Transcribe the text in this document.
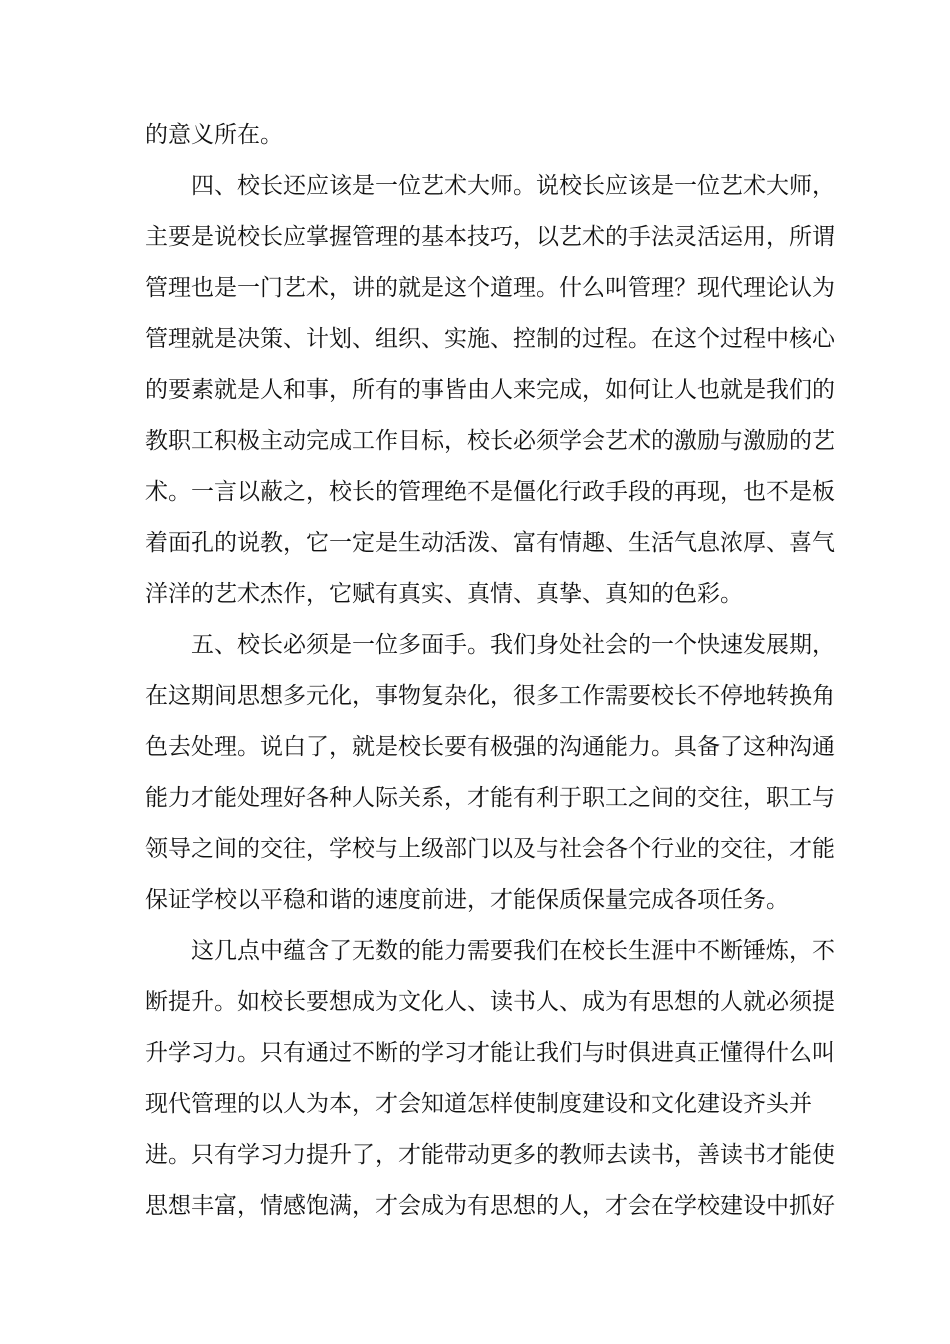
的意义所在。
四、校长还应该是一位艺术大师。说校长应该是一位艺术大师，
主要是说校长应掌握管理的基本技巧，以艺术的手法灵活运用，所谓
管理也是一门艺术，讲的就是这个道理。什么叫管理？现代理论认为
管理就是决策、计划、组织、实施、控制的过程。在这个过程中核心
的要素就是人和事，所有的事皆由人来完成，如何让人也就是我们的
教职工积极主动完成工作目标，校长必须学会艺术的激励与激励的艺
术。一言以蔽之，校长的管理绝不是僵化行政手段的再现，也不是板
着面孔的说教，它一定是生动活泼、富有情趣、生活气息浓厚、喜气
洋洋的艺术杰作，它赋有真实、真情、真挚、真知的色彩。
五、校长必须是一位多面手。我们身处社会的一个快速发展期，
在这期间思想多元化，事物复杂化，很多工作需要校长不停地转换角
色去处理。说白了，就是校长要有极强的沟通能力。具备了这种沟通
能力才能处理好各种人际关系，才能有利于职工之间的交往，职工与
领导之间的交往，学校与上级部门以及与社会各个行业的交往，才能
保证学校以平稳和谐的速度前进，才能保质保量完成各项任务。
这几点中蕴含了无数的能力需要我们在校长生涯中不断锤炼，不
断提升。如校长要想成为文化人、读书人、成为有思想的人就必须提
升学习力。只有通过不断的学习才能让我们与时俱进真正懂得什么叫
现代管理的以人为本，才会知道怎样使制度建设和文化建设齐头并
进。只有学习力提升了，才能带动更多的教师去读书，善读书才能使
思想丰富，情感饱满，才会成为有思想的人，才会在学校建设中抓好
